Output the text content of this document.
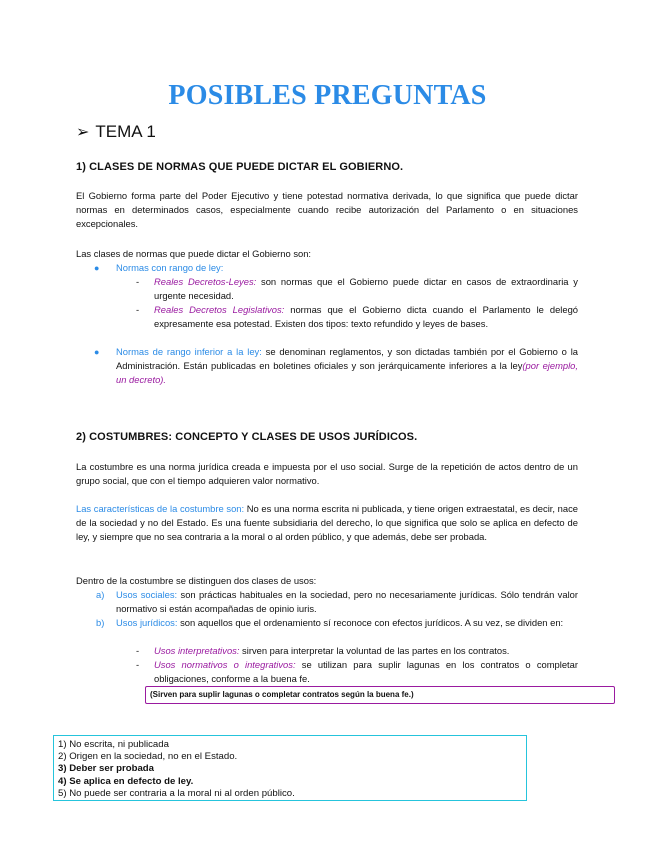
POSIBLES PREGUNTAS
➢ TEMA 1
1) CLASES DE NORMAS QUE PUEDE DICTAR EL GOBIERNO.
El Gobierno forma parte del Poder Ejecutivo y tiene potestad normativa derivada, lo que significa que puede dictar normas en determinados casos, especialmente cuando recibe autorización del Parlamento o en situaciones excepcionales.
Las clases de normas que puede dictar el Gobierno son:
● Normas con rango de ley:
- Reales Decretos-Leyes: son normas que el Gobierno puede dictar en casos de extraordinaria y urgente necesidad.
- Reales Decretos Legislativos: normas que el Gobierno dicta cuando el Parlamento le delegó expresamente esa potestad. Existen dos tipos: texto refundido y leyes de bases.
● Normas de rango inferior a la ley: se denominan reglamentos, y son dictadas también por el Gobierno o la Administración. Están publicadas en boletines oficiales y son jerárquicamente inferiores a la ley(por ejemplo, un decreto).
2) COSTUMBRES: CONCEPTO Y CLASES DE USOS JURÍDICOS.
La costumbre es una norma jurídica creada e impuesta por el uso social. Surge de la repetición de actos dentro de un grupo social, que con el tiempo adquieren valor normativo.
Las características de la costumbre son: No es una norma escrita ni publicada, y tiene origen extraestatal, es decir, nace de la sociedad y no del Estado. Es una fuente subsidiaria del derecho, lo que significa que solo se aplica en defecto de ley, y siempre que no sea contraria a la moral o al orden público, y que además, debe ser probada.
Dentro de la costumbre se distinguen dos clases de usos:
a) Usos sociales: son prácticas habituales en la sociedad, pero no necesariamente jurídicas. Sólo tendrán valor normativo si están acompañadas de opinio iuris.
b) Usos jurídicos: son aquellos que el ordenamiento sí reconoce con efectos jurídicos. A su vez, se dividen en:
- Usos interpretativos: sirven para interpretar la voluntad de las partes en los contratos.
- Usos normativos o integrativos: se utilizan para suplir lagunas en los contratos o completar obligaciones, conforme a la buena fe.
(Sirven para suplir lagunas o completar contratos según la buena fe.)
1) No escrita, ni publicada
2) Origen en la sociedad, no en el Estado.
3) Deber ser probada
4) Se aplica en defecto de ley.
5) No puede ser contraria a la moral ni al orden público.
